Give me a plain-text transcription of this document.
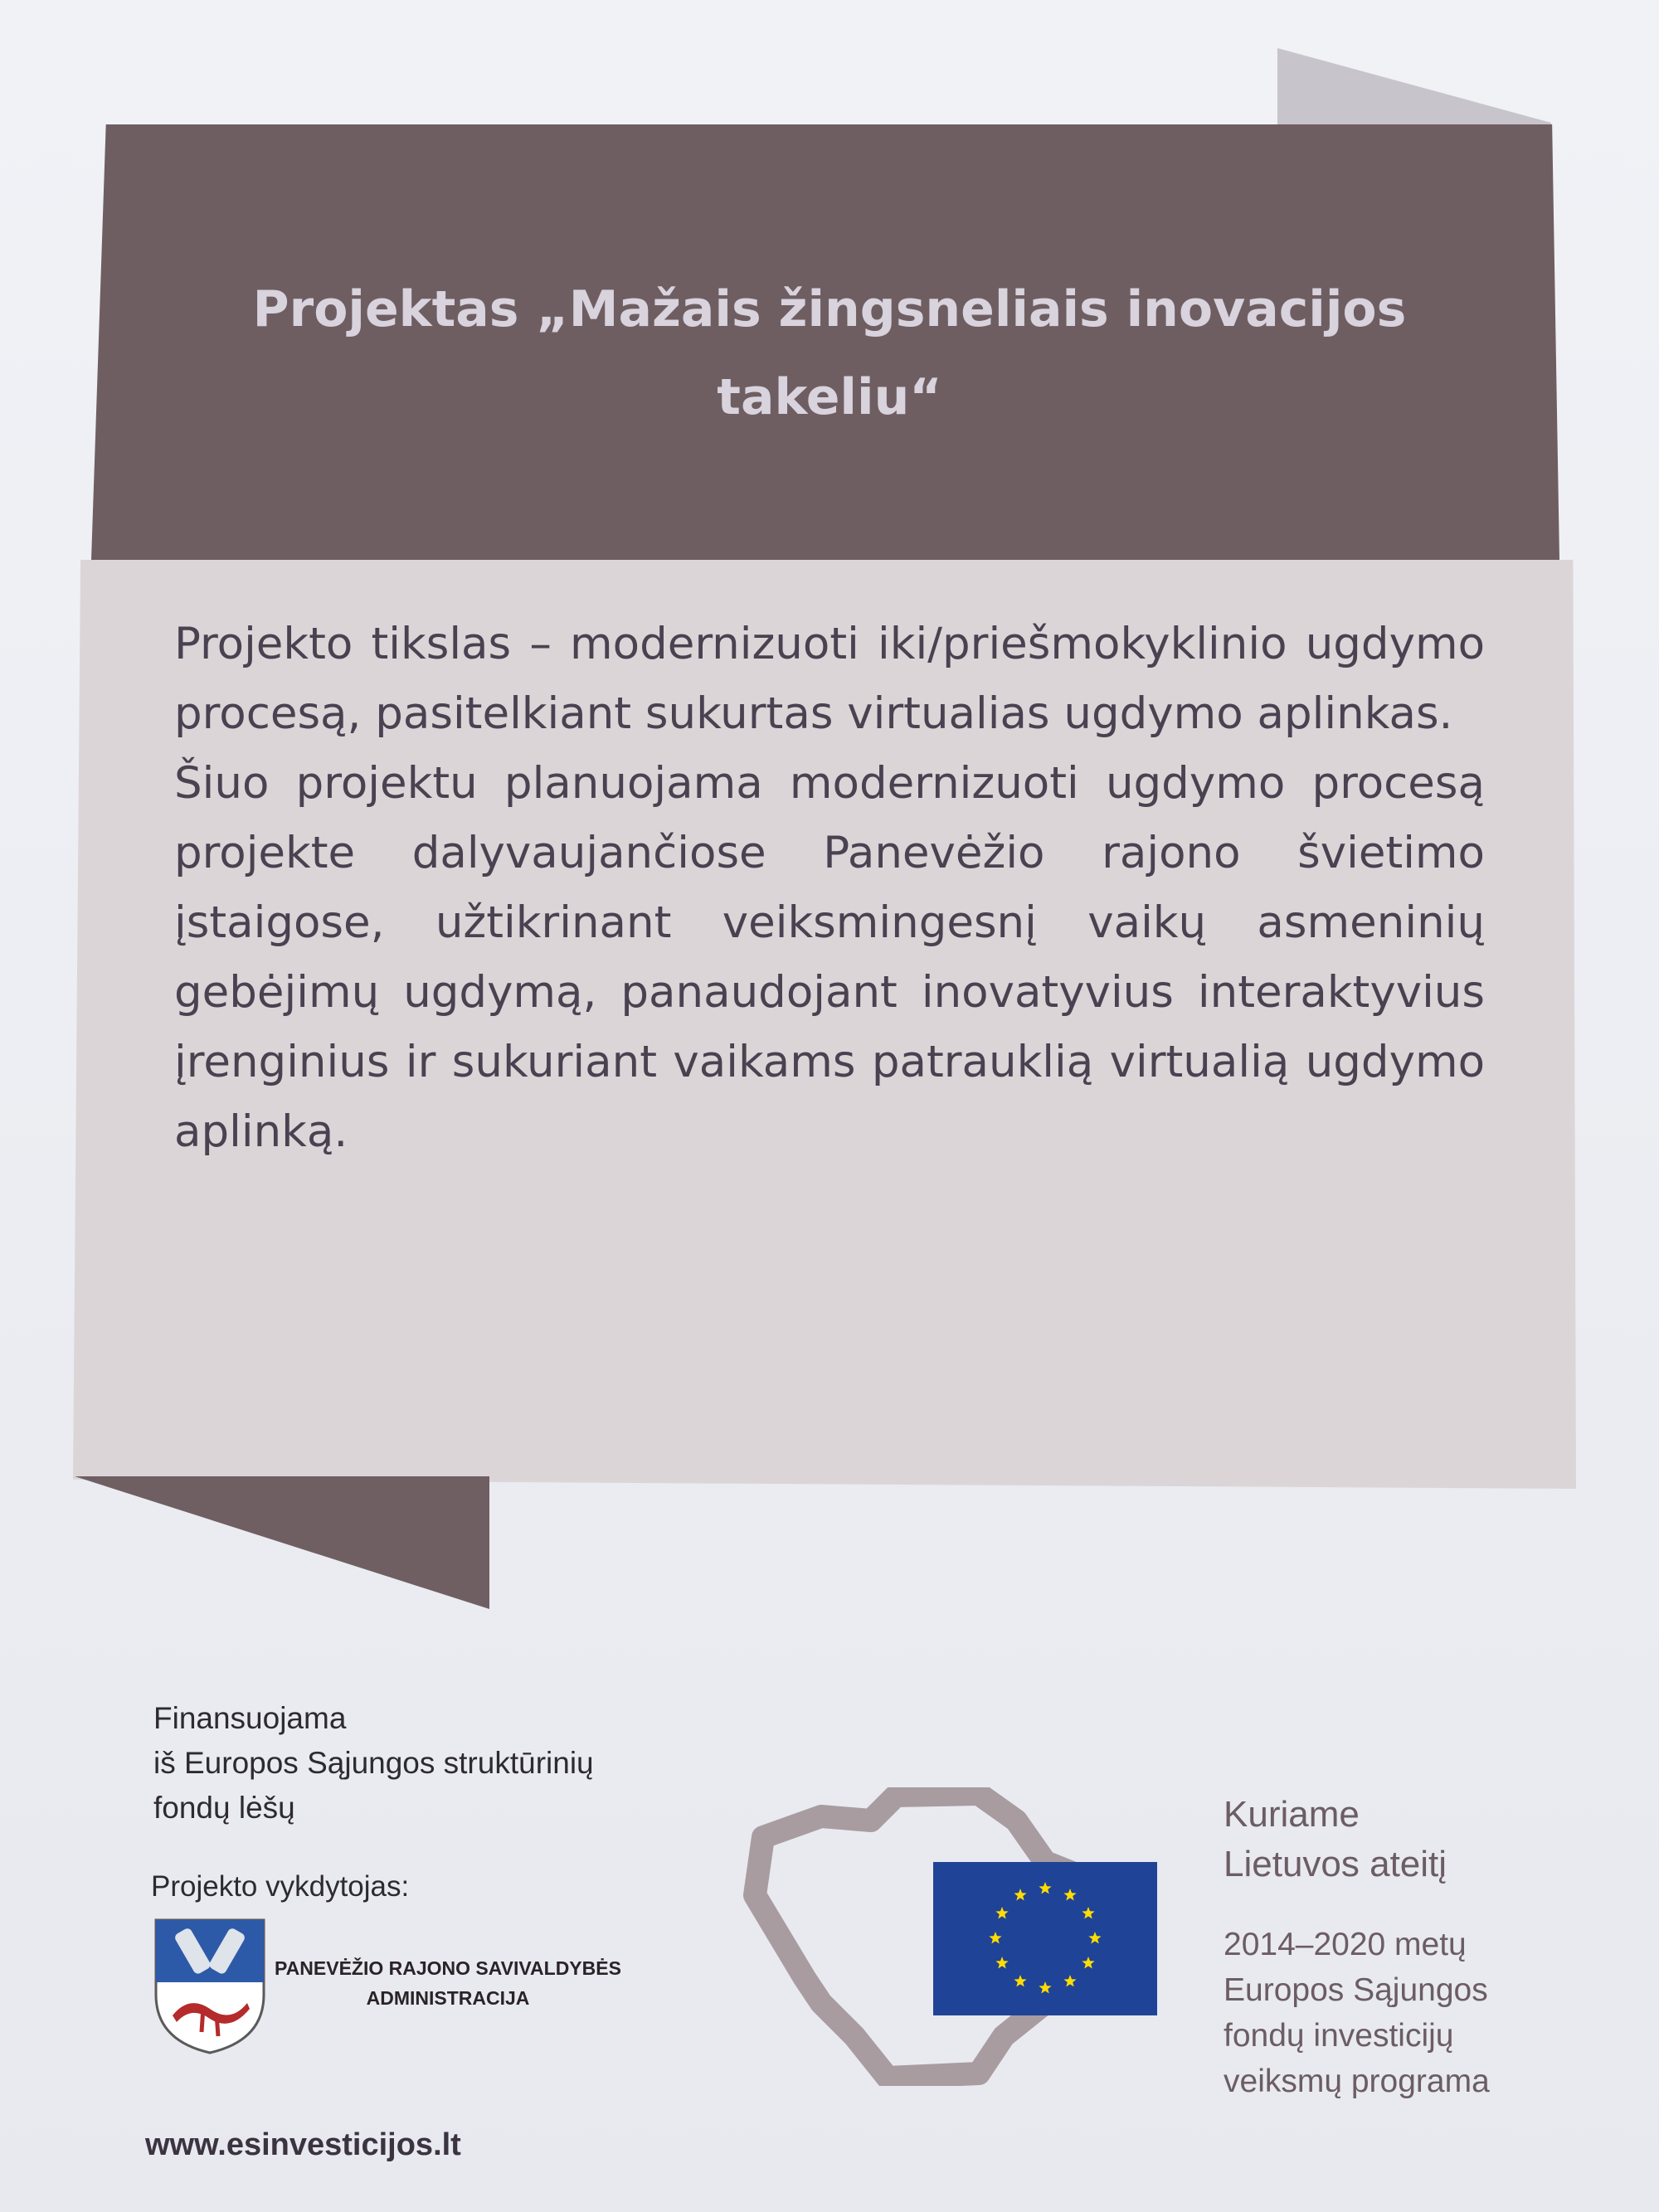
Projektas „Mažais žingsneliais inovacijos
takeliu“

Projekto tikslas – modernizuoti iki/priešmokyklinio ugdymo procesą, pasitelkiant sukurtas virtualias ugdymo aplinkas.

Šiuo projektu planuojama modernizuoti ugdymo procesą projekte dalyvaujančiose Panevėžio rajono švietimo įstaigose, užtikrinant veiksmingesnį vaikų asmeninių gebėjimų ugdymą, panaudojant inovatyvius interaktyvius įrenginius ir sukuriant vaikams patrauklią virtualią ugdymo aplinką.

Finansuojama
iš Europos Sąjungos struktūrinių
fondų lėšų
Projekto vykdytojas:
PANEVĖŽIO RAJONO SAVIVALDYBĖS
ADMINISTRACIJA
www.esinvesticijos.lt
Kuriame
Lietuvos ateitį
2014–2020 metų
Europos Sąjungos
fondų investicijų
veiksmų programa
